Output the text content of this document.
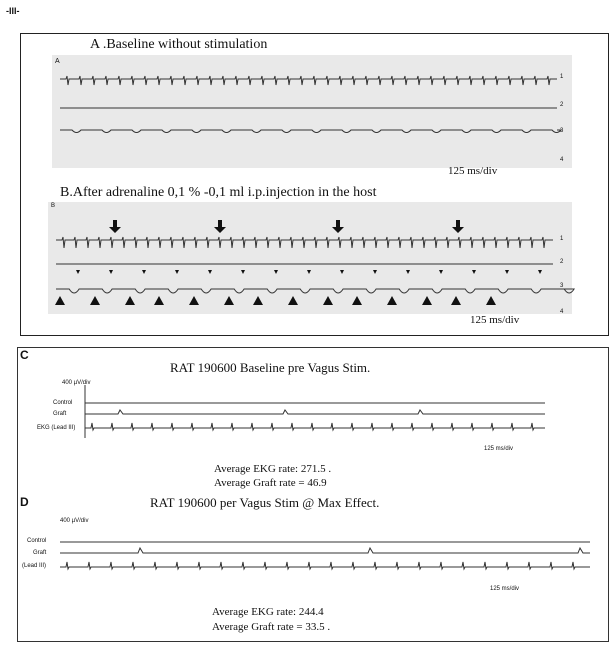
-III-
A .Baseline without stimulation
A
1
2
3
4
125 ms/div
B.After adrenaline 0,1 % -0,1 ml i.p.injection in the host
B
1
2
3
4
125 ms/div
C
RAT 190600 Baseline pre Vagus Stim.
400 µV/div
Control
Graft
EKG (Lead III)
125 ms/div
Average EKG rate: 271.5 .
Average Graft rate = 46.9
D	RAT 190600 per Vagus Stim @ Max Effect.
400 µV/div
Control
Graft
(Lead III)
125 ms/div
Average EKG rate: 244.4
Average Graft rate = 33.5 .
